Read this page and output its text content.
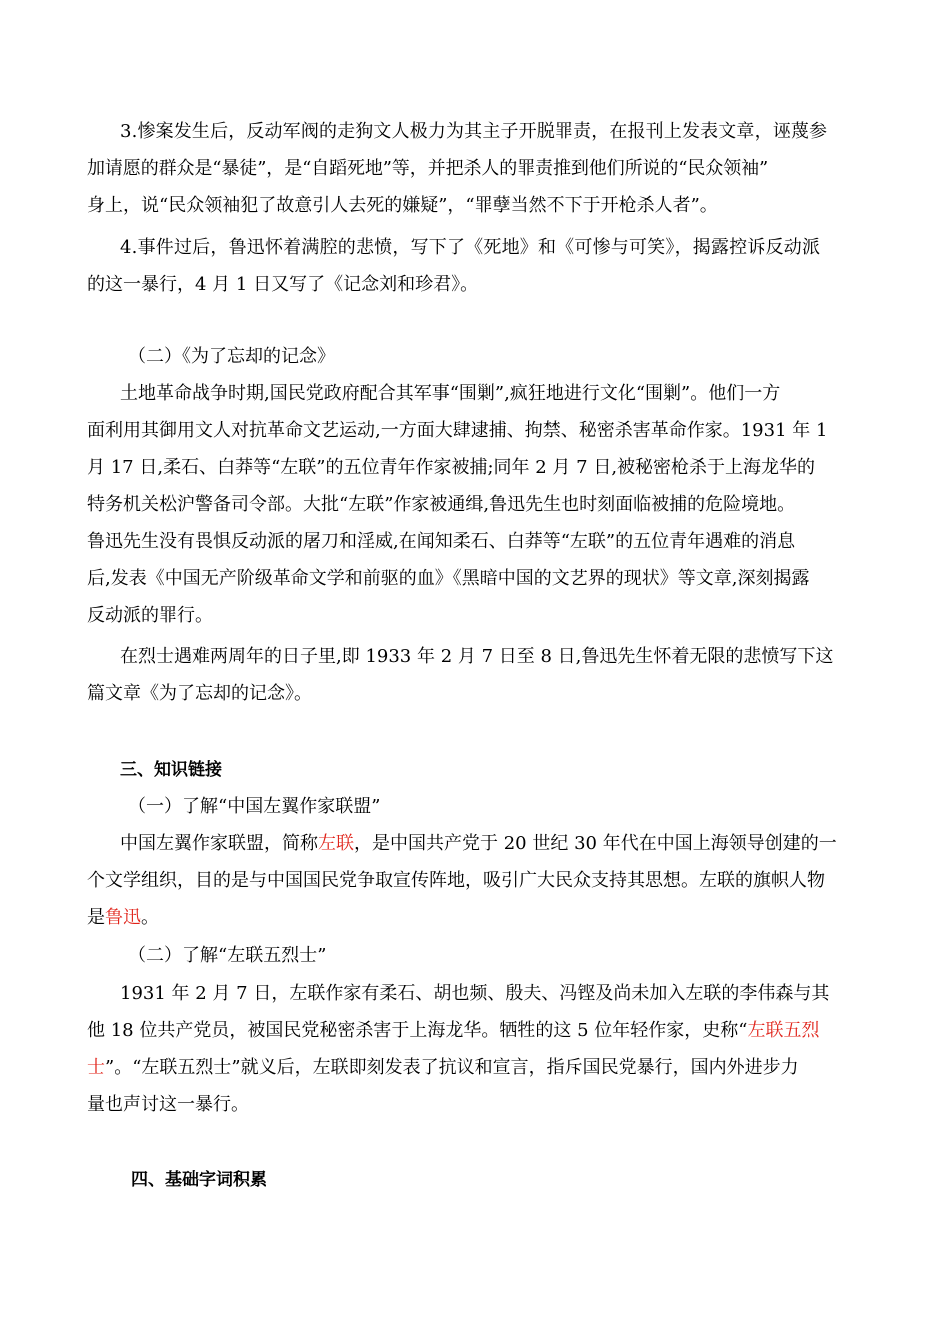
3.惨案发生后，反动军阀的走狗文人极力为其主子开脱罪责，在报刊上发表文章，诬蔑参
加请愿的群众是“暴徒”，是“自蹈死地”等，并把杀人的罪责推到他们所说的“民众领袖”
身上，说“民众领袖犯了故意引人去死的嫌疑”，“罪孽当然不下于开枪杀人者”。
4.事件过后，鲁迅怀着满腔的悲愤，写下了《死地》和《可惨与可笑》，揭露控诉反动派
的这一暴行，4 月 1 日又写了《记念刘和珍君》。
（二）《为了忘却的记念》
土地革命战争时期,国民党政府配合其军事“围剿”,疯狂地进行文化“围剿”。他们一方
面利用其御用文人对抗革命文艺运动,一方面大肆逮捕、拘禁、秘密杀害革命作家。1931 年 1
月 17 日,柔石、白莽等“左联”的五位青年作家被捕;同年 2 月 7 日,被秘密枪杀于上海龙华的
特务机关松沪警备司令部。大批“左联”作家被通缉,鲁迅先生也时刻面临被捕的危险境地。
鲁迅先生没有畏惧反动派的屠刀和淫威,在闻知柔石、白莽等“左联”的五位青年遇难的消息
后,发表《中国无产阶级革命文学和前驱的血》《黑暗中国的文艺界的现状》等文章,深刻揭露
反动派的罪行。
在烈士遇难两周年的日子里,即 1933 年 2 月 7 日至 8 日,鲁迅先生怀着无限的悲愤写下这
篇文章《为了忘却的记念》。
三、知识链接
（一）了解“中国左翼作家联盟”
中国左翼作家联盟，简称左联，是中国共产党于 20 世纪 30 年代在中国上海领导创建的一
个文学组织，目的是与中国国民党争取宣传阵地，吸引广大民众支持其思想。左联的旗帜人物
是鲁迅。
（二）了解“左联五烈士”
1931 年 2 月 7 日，左联作家有柔石、胡也频、殷夫、冯铿及尚未加入左联的李伟森与其
他 18 位共产党员，被国民党秘密杀害于上海龙华。牺牲的这 5 位年轻作家，史称“左联五烈
士”。“左联五烈士”就义后，左联即刻发表了抗议和宣言，指斥国民党暴行，国内外进步力
量也声讨这一暴行。
四、基础字词积累
